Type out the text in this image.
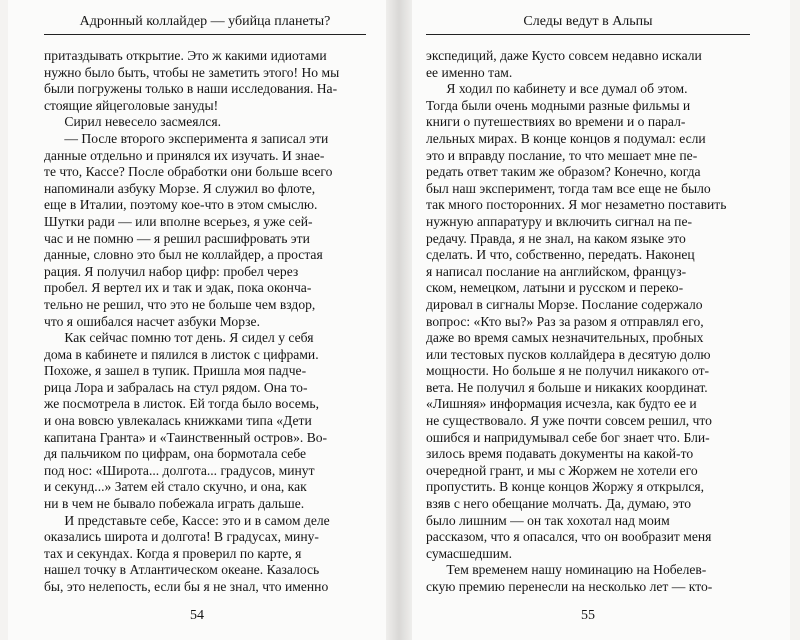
Адронный коллайдер — убийца планеты?
притаздывать открытие. Это ж какими идиотами
нужно было быть, чтобы не заметить этого! Но мы
были погружены только в наши исследования. На-
стоящие яйцеголовые зануды!
Сирил невесело засмеялся.
— После второго эксперимента я записал эти
данные отдельно и принялся их изучать. И знае-
те что, Кассе? После обработки они больше всего
напоминали азбуку Морзе. Я служил во флоте,
еще в Италии, поэтому кое-что в этом смыслю.
Шутки ради — или вполне всерьез, я уже сей-
час и не помню — я решил расшифровать эти
данные, словно это был не коллайдер, а простая
рация. Я получил набор цифр: пробел через
пробел. Я вертел их и так и эдак, пока оконча-
тельно не решил, что это не больше чем вздор,
что я ошибался насчет азбуки Морзе.
Как сейчас помню тот день. Я сидел у себя
дома в кабинете и пялился в листок с цифрами.
Похоже, я зашел в тупик. Пришла моя падче-
рица Лора и забралась на стул рядом. Она то-
же посмотрела в листок. Ей тогда было восемь,
и она вовсю увлекалась книжками типа «Дети
капитана Гранта» и «Таинственный остров». Во-
дя пальчиком по цифрам, она бормотала себе
под нос: «Широта... долгота... градусов, минут
и секунд...» Затем ей стало скучно, и она, как
ни в чем не бывало побежала играть дальше.
И представьте себе, Кассе: это и в самом деле
оказались широта и долгота! В градусах, мину-
тах и секундах. Когда я проверил по карте, я
нашел точку в Атлантическом океане. Казалось
бы, это нелепость, если бы я не знал, что именно
54
Следы ведут в Альпы
экспедиций, даже Кусто совсем недавно искали
ее именно там.
Я ходил по кабинету и все думал об этом.
Тогда были очень модными разные фильмы и
книги о путешествиях во времени и о парал-
лельных мирах. В конце концов я подумал: если
это и вправду послание, то что мешает мне пе-
редать ответ таким же образом? Конечно, когда
был наш эксперимент, тогда там все еще не было
так много посторонних. Я мог незаметно поставить
нужную аппаратуру и включить сигнал на пе-
редачу. Правда, я не знал, на каком языке это
сделать. И что, собственно, передать. Наконец
я написал послание на английском, француз-
ском, немецком, латыни и русском и переко-
дировал в сигналы Морзе. Послание содержало
вопрос: «Кто вы?» Раз за разом я отправлял его,
даже во время самых незначительных, пробных
или тестовых пусков коллайдера в десятую долю
мощности. Но больше я не получил никакого от-
вета. Не получил я больше и никаких координат.
«Лишняя» информация исчезла, как будто ее и
не существовало. Я уже почти совсем решил, что
ошибся и напридумывал себе бог знает что. Бли-
зилось время подавать документы на какой-то
очередной грант, и мы с Жоржем не хотели его
пропустить. В конце концов Жоржу я открылся,
взяв с него обещание молчать. Да, думаю, это
было лишним — он так хохотал над моим
рассказом, что я опасался, что он вообразит меня
сумасшедшим.
Тем временем нашу номинацию на Нобелев-
скую премию перенесли на несколько лет — кто-
55
